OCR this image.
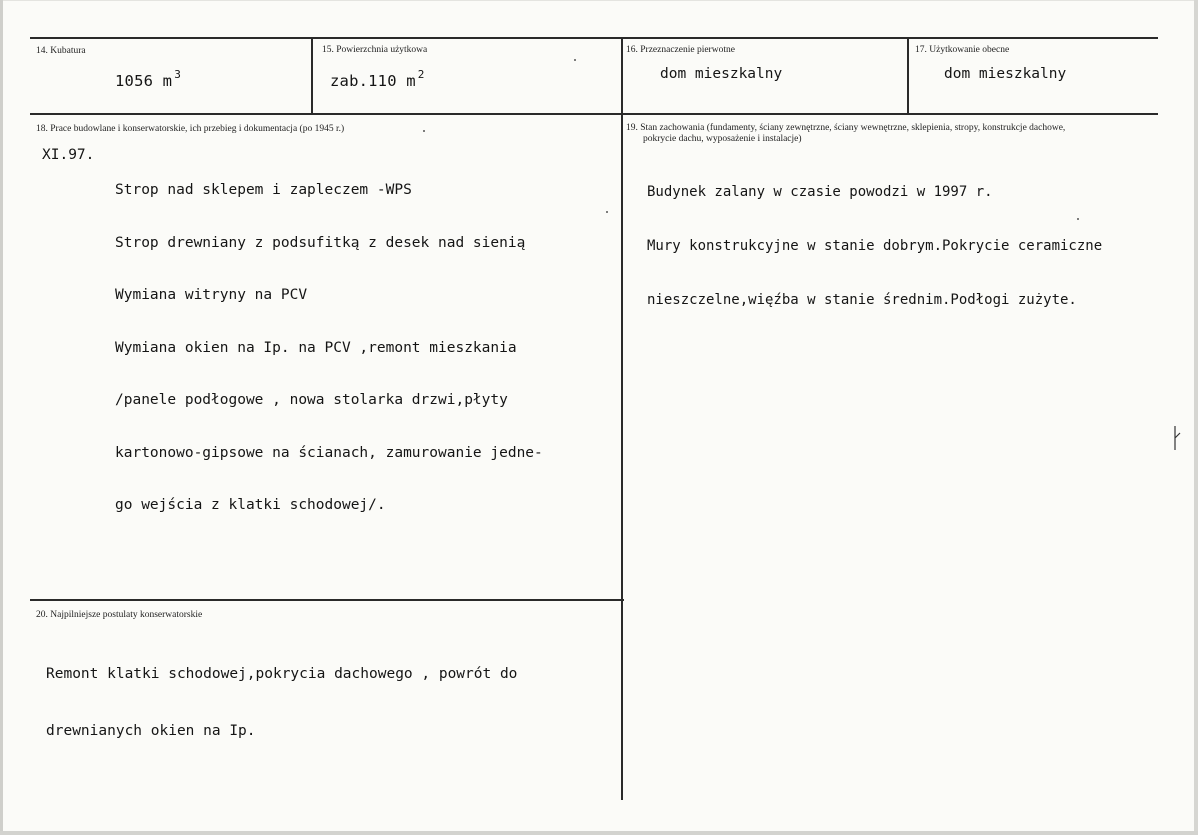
14. Kubatura
1056 m $^3$
15. Powierzchnia użytkowa
zab.110 m $^2$
16. Przeznaczenie pierwotne
dom mieszkalny
17. Użytkowanie obecne
dom mieszkalny
18. Prace budowlane i konserwatorskie, ich przebieg i dokumentacja (po 1945 r.)
XI.97.

Strop nad sklepem i zapleczem -WPS

Strop drewniany z podsufitką z desek nad sienią

Wymiana witryny na PCV

Wymiana okien na Ip. na PCV ,remont mieszkania

/panele podłogowe , nowa stolarka drzwi,płyty

kartonowo-gipsowe na ścianach, zamurowanie jedne-

go wejścia z klatki schodowej/.

19. Stan zachowania (fundamenty, ściany zewnętrzne, ściany wewnętrzne, sklepienia, stropy, konstrukcje dachowe,
pokrycie dachu, wyposażenie i instalacje)

Budynek zalany w czasie powodzi w 1997 r.

Mury konstrukcyjne w stanie dobrym.Pokrycie ceramiczne

nieszczelne,więźba w stanie średnim.Podłogi zużyte.

20. Najpilniejsze postulaty konserwatorskie

Remont klatki schodowej,pokrycia dachowego , powrót do

drewnianych okien na Ip.
